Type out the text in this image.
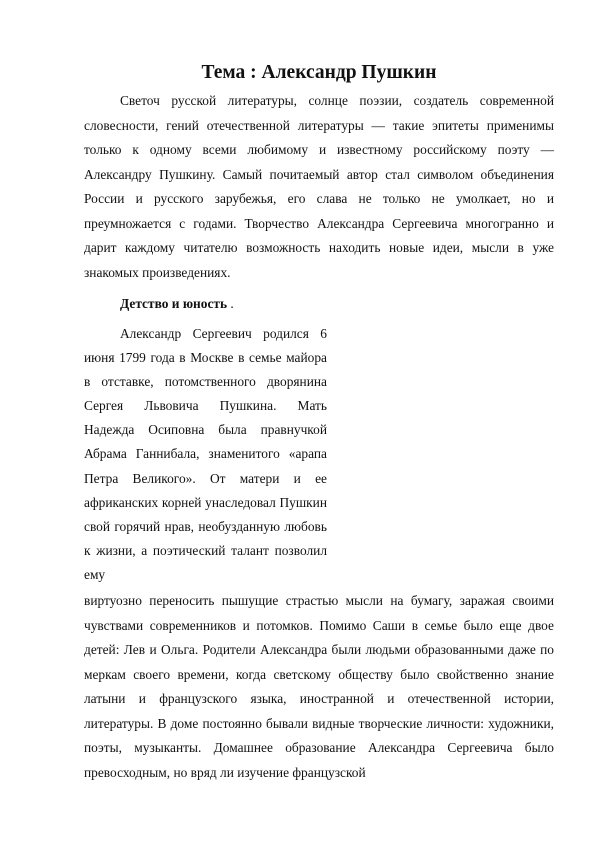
Тема : Александр Пушкин

Светоч русской литературы, солнце поэзии, создатель современной словесности, гений отечественной литературы — такие эпитеты применимы только к одному всеми любимому и известному российскому поэту — Александру Пушкину. Самый почитаемый автор стал символом объединения России и русского зарубежья, его слава не только не умолкает, но и преумножается с годами. Творчество Александра Сергеевича многогранно и дарит каждому читателю возможность находить новые идеи, мысли в уже знакомых произведениях.

Детство и юность .

Александр Сергеевич родился 6 июня 1799 года в Москве в семье майора в отставке, потомственного дворянина Сергея Львовича Пушкина. Мать Надежда Осиповна была правнучкой Абрама Ганнибала, знаменитого «арапа Петра Великого». От матери и ее африканских корней унаследовал Пушкин свой горячий нрав, необузданную любовь к жизни, а поэтический талант позволил ему

виртуозно переносить пышущие страстью мысли на бумагу, заражая своими чувствами современников и потомков. Помимо Саши в семье было еще двое детей: Лев и Ольга. Родители Александра были людьми образованными даже по меркам своего времени, когда светскому обществу было свойственно знание латыни и французского языка, иностранной и отечественной истории, литературы. В доме постоянно бывали видные творческие личности: художники, поэты, музыканты. Домашнее образование Александра Сергеевича было превосходным, но вряд ли изучение французской
